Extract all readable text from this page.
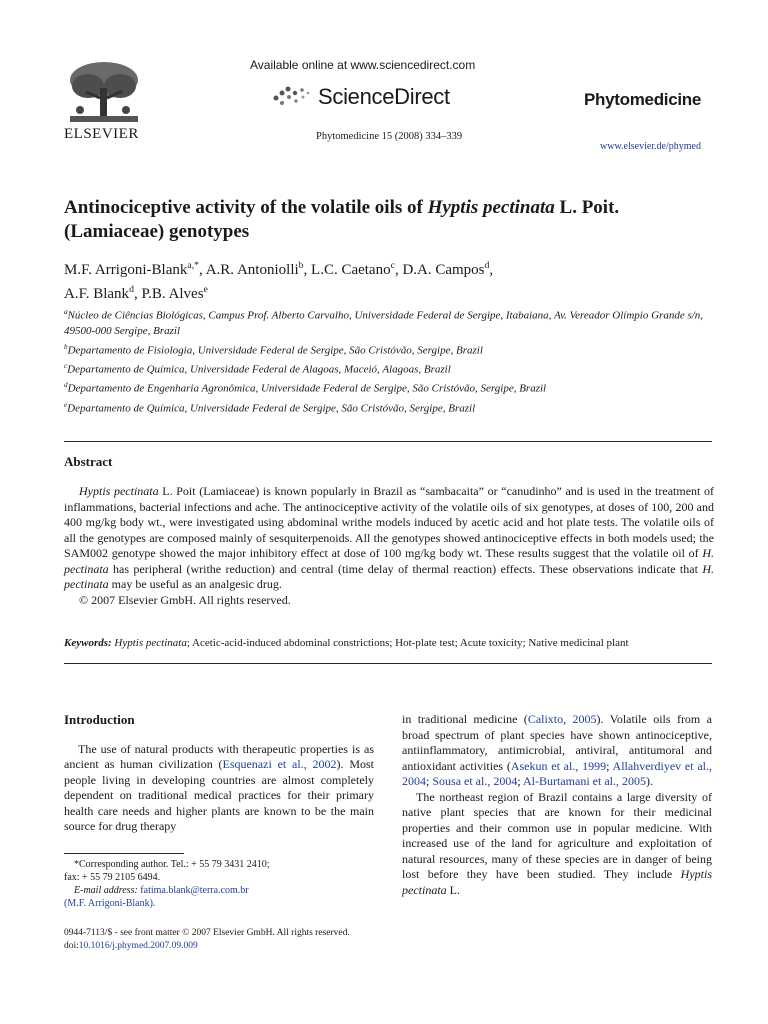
ELSEVIER
Available online at www.sciencedirect.com
ScienceDirect
Phytomedicine 15 (2008) 334–339
Phytomedicine
www.elsevier.de/phymed
Antinociceptive activity of the volatile oils of Hyptis pectinata L. Poit. (Lamiaceae) genotypes
M.F. Arrigoni-Blank$^{a,*}$, A.R. Antoniolli$^b$, L.C. Caetano$^c$, D.A. Campos$^d$,
A.F. Blank$^d$, P.B. Alves$^e$
$^a$Núcleo de Ciências Biológicas, Campus Prof. Alberto Carvalho, Universidade Federal de Sergipe, Itabaiana, Av. Vereador Olímpio Grande s/n, 49500-000 Sergipe, Brazil
$^b$Departamento de Fisiologia, Universidade Federal de Sergipe, São Cristóvão, Sergipe, Brazil
$^c$Departamento de Química, Universidade Federal de Alagoas, Maceió, Alagoas, Brazil
$^d$Departamento de Engenharia Agronômica, Universidade Federal de Sergipe, São Cristóvão, Sergipe, Brazil
$^e$Departamento de Química, Universidade Federal de Sergipe, São Cristóvão, Sergipe, Brazil
Abstract

Hyptis pectinata L. Poit (Lamiaceae) is known popularly in Brazil as “sambacaita” or “canudinho” and is used in the treatment of inflammations, bacterial infections and ache. The antinociceptive activity of the volatile oils of six genotypes, at doses of 100, 200 and 400 mg/kg body wt., were investigated using abdominal writhe models induced by acetic acid and hot plate tests. The volatile oils of all the genotypes are composed mainly of sesquiterpenoids. All the genotypes showed antinociceptive effects in both models used; the SAM002 genotype showed the major inhibitory effect at dose of 100 mg/kg body wt. These results suggest that the volatile oil of H. pectinata has peripheral (writhe reduction) and central (time delay of thermal reaction) effects. These observations indicate that H. pectinata may be useful as an analgesic drug.

© 2007 Elsevier GmbH. All rights reserved.

Keywords: Hyptis pectinata; Acetic-acid-induced abdominal constrictions; Hot-plate test; Acute toxicity; Native medicinal plant
Introduction

The use of natural products with therapeutic properties is as ancient as human civilization (Esquenazi et al., 2002). Most people living in developing countries are almost completely dependent on traditional medical practices for their primary health care needs and higher plants are known to be the main source for drug therapy

in traditional medicine (Calixto, 2005). Volatile oils from a broad spectrum of plant species have shown antinociceptive, antiinflammatory, antimicrobial, antiviral, antitumoral and antioxidant activities (Asekun et al., 1999; Allahverdiyev et al., 2004; Sousa et al., 2004; Al-Burtamani et al., 2005).

The northeast region of Brazil contains a large diversity of native plant species that are known for their medicinal properties and their common use in popular medicine. With increased use of the land for agriculture and exploitation of natural resources, many of these species are in danger of being lost before they have been studied. They include Hyptis pectinata L.

*Corresponding author. Tel.: + 55 79 3431 2410;
fax: + 55 79 2105 6494.
E-mail address: fatima.blank@terra.com.br
(M.F. Arrigoni-Blank).
0944-7113/$ - see front matter © 2007 Elsevier GmbH. All rights reserved.
doi:10.1016/j.phymed.2007.09.009
